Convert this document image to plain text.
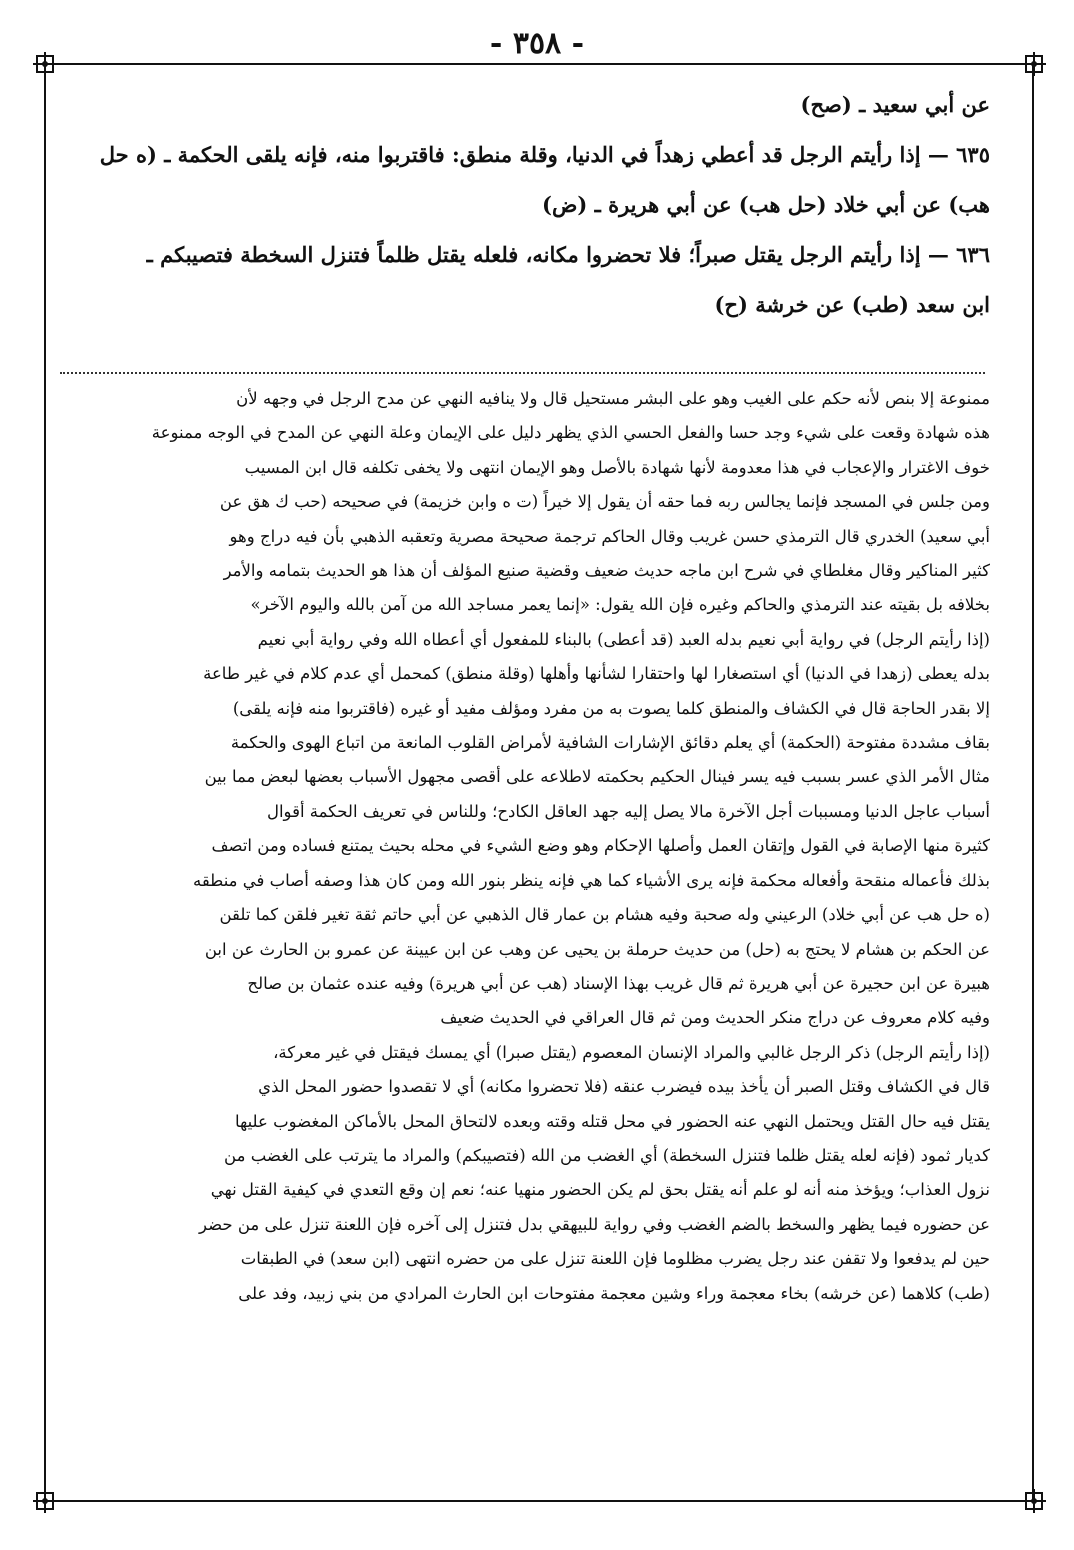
- ٣٥٨ -

عن أبي سعيد ـ (صح)

٦٣٥ — إذا رأيتم الرجل قد أعطي زهداً في الدنيا، وقلة منطق: فاقتربوا منه، فإنه يلقى الحكمة ـ (ه حل

هب) عن أبي خلاد (حل هب) عن أبي هريرة ـ (ض)

٦٣٦ — إذا رأيتم الرجل يقتل صبراً؛ فلا تحضروا مكانه، فلعله يقتل ظلماً فتنزل السخطة فتصيبكم ـ

ابن سعد (طب) عن خرشة (ح)

ممنوعة إلا بنص لأنه حكم على الغيب وهو على البشر مستحيل قال ولا ينافيه النهي عن مدح الرجل في وجهه لأن
هذه شهادة وقعت على شيء وجد حسا والفعل الحسي الذي يظهر دليل على الإيمان وعلة النهي عن المدح في الوجه ممنوعة
خوف الاغترار والإعجاب في هذا معدومة لأنها شهادة بالأصل وهو الإيمان انتهى ولا يخفى تكلفه قال ابن المسيب
ومن جلس في المسجد فإنما يجالس ربه فما حقه أن يقول إلا خيراً (ت ه وابن خزيمة) في صحيحه (حب ك هق عن
أبي سعيد) الخدري قال الترمذي حسن غريب وقال الحاكم ترجمة صحيحة مصرية وتعقبه الذهبي بأن فيه دراج وهو
كثير المناكير وقال مغلطاي في شرح ابن ماجه حديث ضعيف وقضية صنيع المؤلف أن هذا هو الحديث بتمامه والأمر
بخلافه بل بقيته عند الترمذي والحاكم وغيره فإن الله يقول: «إنما يعمر مساجد الله من آمن بالله واليوم الآخر»
(إذا رأيتم الرجل) في رواية أبي نعيم بدله العبد (قد أعطى) بالبناء للمفعول أي أعطاه الله وفي رواية أبي نعيم
بدله يعطى (زهدا في الدنيا) أي استصغارا لها واحتقارا لشأنها وأهلها (وقلة منطق) كمحمل أي عدم كلام في غير طاعة
إلا بقدر الحاجة قال في الكشاف والمنطق كلما يصوت به من مفرد ومؤلف مفيد أو غيره (فاقتربوا منه فإنه يلقى)
بقاف مشددة مفتوحة (الحكمة) أي يعلم دقائق الإشارات الشافية لأمراض القلوب المانعة من اتباع الهوى والحكمة
مثال الأمر الذي عسر بسبب فيه يسر فينال الحكيم بحكمته لاطلاعه على أقصى مجهول الأسباب بعضها لبعض مما بين
أسباب عاجل الدنيا ومسببات أجل الآخرة مالا يصل إليه جهد العاقل الكادح؛ وللناس في تعريف الحكمة أقوال
كثيرة منها الإصابة في القول وإتقان العمل وأصلها الإحكام وهو وضع الشيء في محله بحيث يمتنع فساده ومن اتصف
بذلك فأعماله منقحة وأفعاله محكمة فإنه يرى الأشياء كما هي فإنه ينظر بنور الله ومن كان هذا وصفه أصاب في منطقه
(ه حل هب عن أبي خلاد) الرعيني وله صحبة وفيه هشام بن عمار قال الذهبي عن أبي حاتم ثقة تغير فلقن كما تلقن
عن الحكم بن هشام لا يحتج به (حل) من حديث حرملة بن يحيى عن وهب عن ابن عيينة عن عمرو بن الحارث عن ابن
هبيرة عن ابن حجيرة عن أبي هريرة ثم قال غريب بهذا الإسناد (هب عن أبي هريرة) وفيه عنده عثمان بن صالح
وفيه كلام معروف عن دراج منكر الحديث ومن ثم قال العراقي في الحديث ضعيف
(إذا رأيتم الرجل) ذكر الرجل غالبي والمراد الإنسان المعصوم (يقتل صبرا) أي يمسك فيقتل في غير معركة،
قال في الكشاف وقتل الصبر أن يأخذ بيده فيضرب عنقه (فلا تحضروا مكانه) أي لا تقصدوا حضور المحل الذي
يقتل فيه حال القتل ويحتمل النهي عنه الحضور في محل قتله وقته وبعده لالتحاق المحل بالأماكن المغضوب عليها
كديار ثمود (فإنه لعله يقتل ظلما فتنزل السخطة) أي الغضب من الله (فتصيبكم) والمراد ما يترتب على الغضب من
نزول العذاب؛ ويؤخذ منه أنه لو علم أنه يقتل بحق لم يكن الحضور منهيا عنه؛ نعم إن وقع التعدي في كيفية القتل نهي
عن حضوره فيما يظهر والسخط بالضم الغضب وفي رواية للبيهقي بدل فتنزل إلى آخره فإن اللعنة تنزل على من حضر
حين لم يدفعوا ولا تقفن عند رجل يضرب مظلوما فإن اللعنة تنزل على من حضره انتهى (ابن سعد) في الطبقات
(طب) كلاهما (عن خرشه) بخاء معجمة وراء وشين معجمة مفتوحات ابن الحارث المرادي من بني زبيد، وفد على
